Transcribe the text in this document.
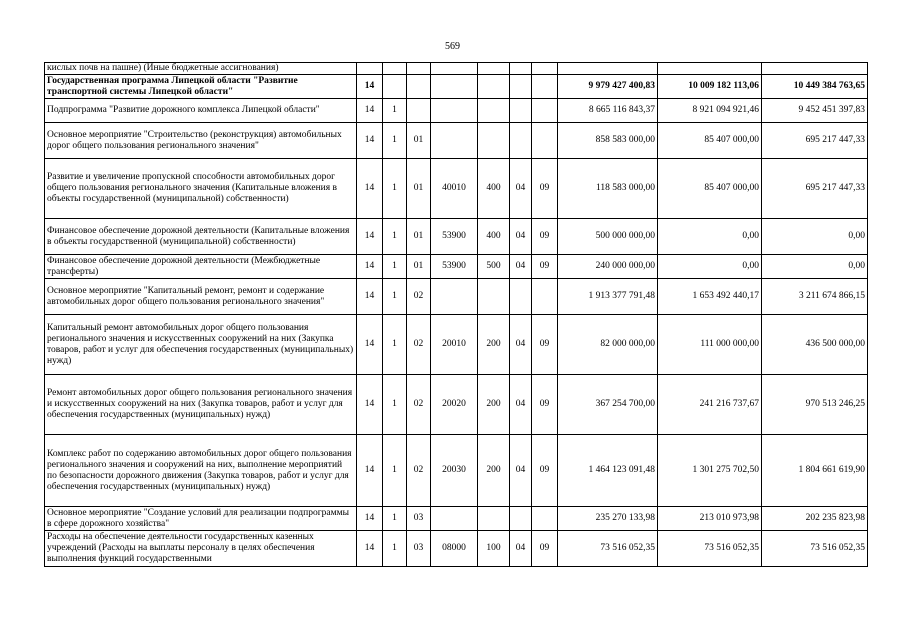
569
кислых почв на пашне) (Иные бюджетные ассигнования)										
Государственная программа Липецкой области "Развитие транспортной системы Липецкой области"	14							9 979 427 400,83	10 009 182 113,06	10 449 384 763,65
Подпрограмма "Развитие дорожного комплекса Липецкой области"	14	1						8 665 116 843,37	8 921 094 921,46	9 452 451 397,83
Основное мероприятие "Строительство (реконструкция) автомобильных дорог общего пользования регионального значения"	14	1	01					858 583 000,00	85 407 000,00	695 217 447,33
Развитие и увеличение пропускной способности автомобильных дорог общего пользования регионального значения (Капитальные вложения в объекты государственной (муниципальной) собственности)	14	1	01	40010	400	04	09	118 583 000,00	85 407 000,00	695 217 447,33
Финансовое обеспечение дорожной деятельности (Капитальные вложения в объекты государственной (муниципальной) собственности)	14	1	01	53900	400	04	09	500 000 000,00	0,00	0,00
Финансовое обеспечение дорожной деятельности (Межбюджетные трансферты)	14	1	01	53900	500	04	09	240 000 000,00	0,00	0,00
Основное мероприятие "Капитальный ремонт, ремонт и содержание автомобильных дорог общего пользования регионального значения"	14	1	02					1 913 377 791,48	1 653 492 440,17	3 211 674 866,15
Капитальный ремонт автомобильных дорог общего пользования регионального значения и искусственных сооружений на них (Закупка товаров, работ и услуг для обеспечения государственных (муниципальных) нужд)	14	1	02	20010	200	04	09	82 000 000,00	111 000 000,00	436 500 000,00
Ремонт автомобильных дорог общего пользования регионального значения и искусственных сооружений на них (Закупка товаров, работ и услуг для обеспечения государственных (муниципальных) нужд)	14	1	02	20020	200	04	09	367 254 700,00	241 216 737,67	970 513 246,25
Комплекс работ по содержанию автомобильных дорог общего пользования регионального значения и сооружений на них, выполнение мероприятий по безопасности дорожного движения (Закупка товаров, работ и услуг для обеспечения государственных (муниципальных) нужд)	14	1	02	20030	200	04	09	1 464 123 091,48	1 301 275 702,50	1 804 661 619,90
Основное мероприятие "Создание условий для реализации подпрограммы в сфере дорожного хозяйства"	14	1	03					235 270 133,98	213 010 973,98	202 235 823,98
Расходы на обеспечение деятельности государственных казенных учреждений (Расходы на выплаты персоналу в целях обеспечения выполнения функций государственными	14	1	03	08000	100	04	09	73 516 052,35	73 516 052,35	73 516 052,35
